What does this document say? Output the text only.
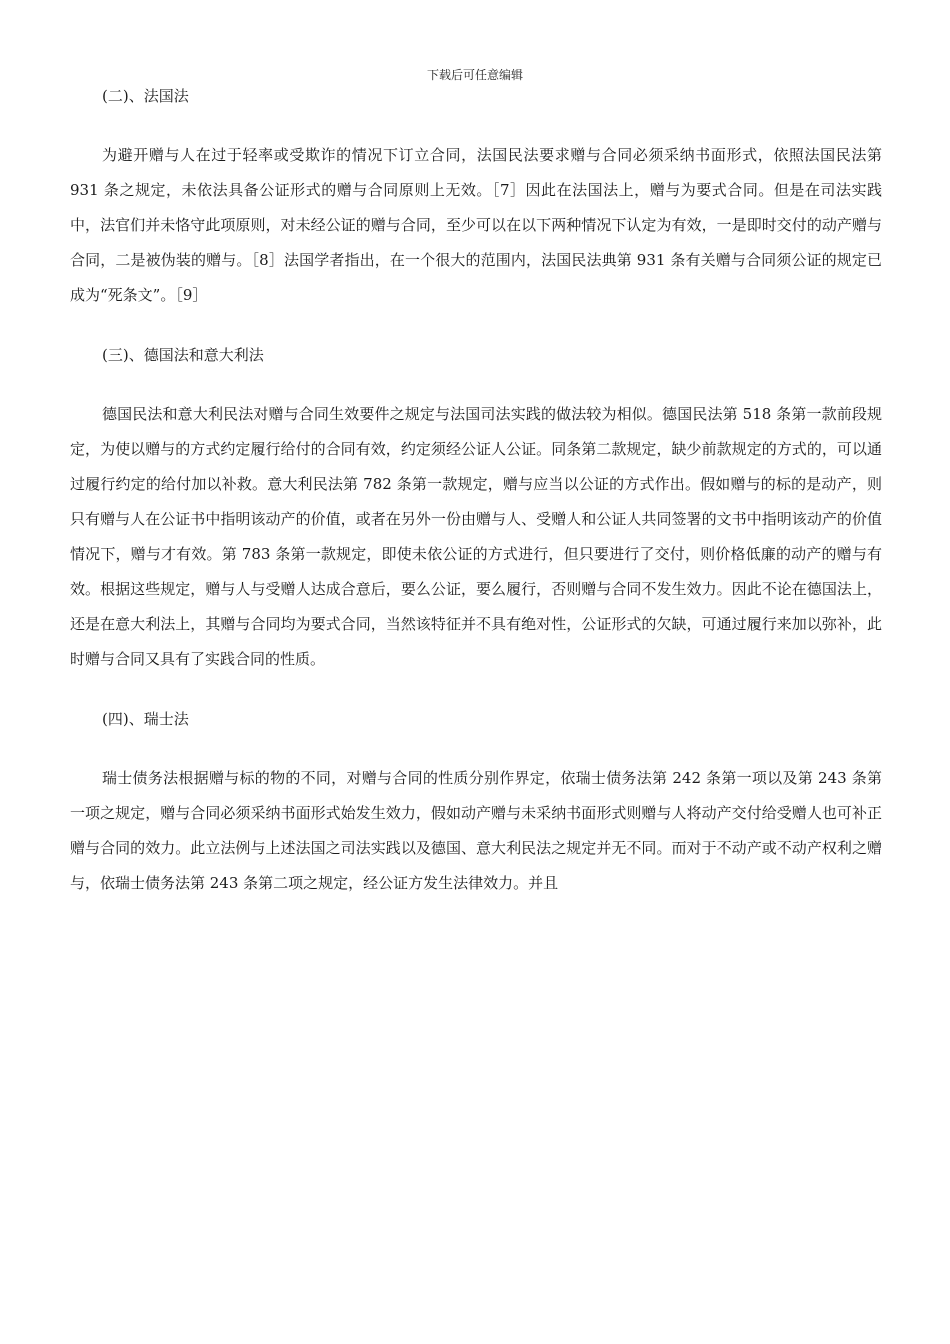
下载后可任意编辑
(二)、法国法

为避开赠与人在过于轻率或受欺诈的情况下订立合同，法国民法要求赠与合同必须采纳书面形式，依照法国民法第 931 条之规定，未依法具备公证形式的赠与合同原则上无效。［7］因此在法国法上，赠与为要式合同。但是在司法实践中，法官们并未恪守此项原则，对未经公证的赠与合同，至少可以在以下两种情况下认定为有效，一是即时交付的动产赠与合同，二是被伪装的赠与。［8］法国学者指出，在一个很大的范围内，法国民法典第 931 条有关赠与合同须公证的规定已成为“死条文”。［9］

(三)、德国法和意大利法

德国民法和意大利民法对赠与合同生效要件之规定与法国司法实践的做法较为相似。德国民法第 518 条第一款前段规定，为使以赠与的方式约定履行给付的合同有效，约定须经公证人公证。同条第二款规定，缺少前款规定的方式的，可以通过履行约定的给付加以补救。意大利民法第 782 条第一款规定，赠与应当以公证的方式作出。假如赠与的标的是动产，则只有赠与人在公证书中指明该动产的价值，或者在另外一份由赠与人、受赠人和公证人共同签署的文书中指明该动产的价值情况下，赠与才有效。第 783 条第一款规定，即使未依公证的方式进行，但只要进行了交付，则价格低廉的动产的赠与有效。根据这些规定，赠与人与受赠人达成合意后，要么公证，要么履行，否则赠与合同不发生效力。因此不论在德国法上，还是在意大利法上，其赠与合同均为要式合同，当然该特征并不具有绝对性，公证形式的欠缺，可通过履行来加以弥补，此时赠与合同又具有了实践合同的性质。

(四)、瑞士法

瑞士债务法根据赠与标的物的不同，对赠与合同的性质分别作界定，依瑞士债务法第 242 条第一项以及第 243 条第一项之规定，赠与合同必须采纳书面形式始发生效力，假如动产赠与未采纳书面形式则赠与人将动产交付给受赠人也可补正赠与合同的效力。此立法例与上述法国之司法实践以及德国、意大利民法之规定并无不同。而对于不动产或不动产权利之赠与，依瑞士债务法第 243 条第二项之规定，经公证方发生法律效力。并且
